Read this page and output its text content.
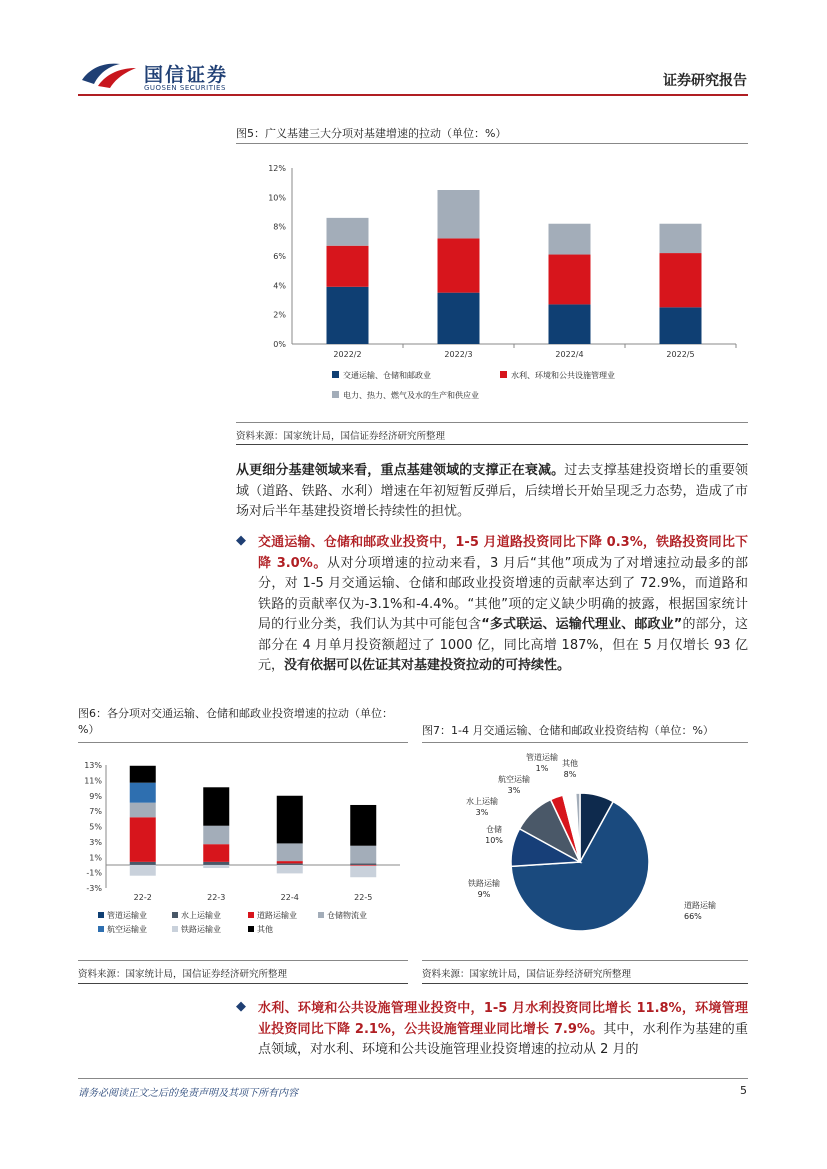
国信证券
GUOSEN SECURITIES	证券研究报告
图5：广义基建三大分项对基建增速的拉动（单位：%）
0%
2%
4%
6%
8%
10%
12%
2022/2	2022/3	2022/4	2022/5
交通运输、仓储和邮政业	水利、环境和公共设施管理业
电力、热力、燃气及水的生产和供应业
资料来源：国家统计局，国信证券经济研究所整理
从更细分基建领域来看，重点基建领域的支撑正在衰减。过去支撑基建投资增长的重要领域（道路、铁路、水利）增速在年初短暂反弹后，后续增长开始呈现乏力态势，造成了市场对后半年基建投资增长持续性的担忧。
◆ 交通运输、仓储和邮政业投资中，1-5 月道路投资同比下降 0.3%，铁路投资同比下降 3.0%。从对分项增速的拉动来看，3 月后“其他”项成为了对增速拉动最多的部分，对 1-5 月交通运输、仓储和邮政业投资增速的贡献率达到了 72.9%，而道路和铁路的贡献率仅为-3.1%和-4.4%。“其他”项的定义缺少明确的披露，根据国家统计局的行业分类，我们认为其中可能包含“多式联运、运输代理业、邮政业”的部分，这部分在 4 月单月投资额超过了 1000 亿，同比高增 187%，但在 5 月仅增长 93 亿元，没有依据可以佐证其对基建投资拉动的可持续性。
图6：各分项对交通运输、仓储和邮政业投资增速的拉动（单位：%）
-3%
-1%
1%
3%
5%
7%
9%
11%
13%
22-2	22-3	22-4	22-5
管道运输业	水上运输业	道路运输业	仓储物流业
航空运输业	铁路运输业	其他
资料来源：国家统计局，国信证券经济研究所整理
图7：1-4 月交通运输、仓储和邮政业投资结构（单位：%）
道路运输
66%
铁路运输
9%
仓储
10%
水上运输
3%
航空运输
3%
管道运输
1%
其他
8%
资料来源：国家统计局，国信证券经济研究所整理
◆ 水利、环境和公共设施管理业投资中，1-5 月水利投资同比增长 11.8%，环境管理业投资同比下降 2.1%，公共设施管理业同比增长 7.9%。其中，水利作为基建的重点领域，对水利、环境和公共设施管理业投资增速的拉动从 2 月的
请务必阅读正文之后的免责声明及其项下所有内容	5
